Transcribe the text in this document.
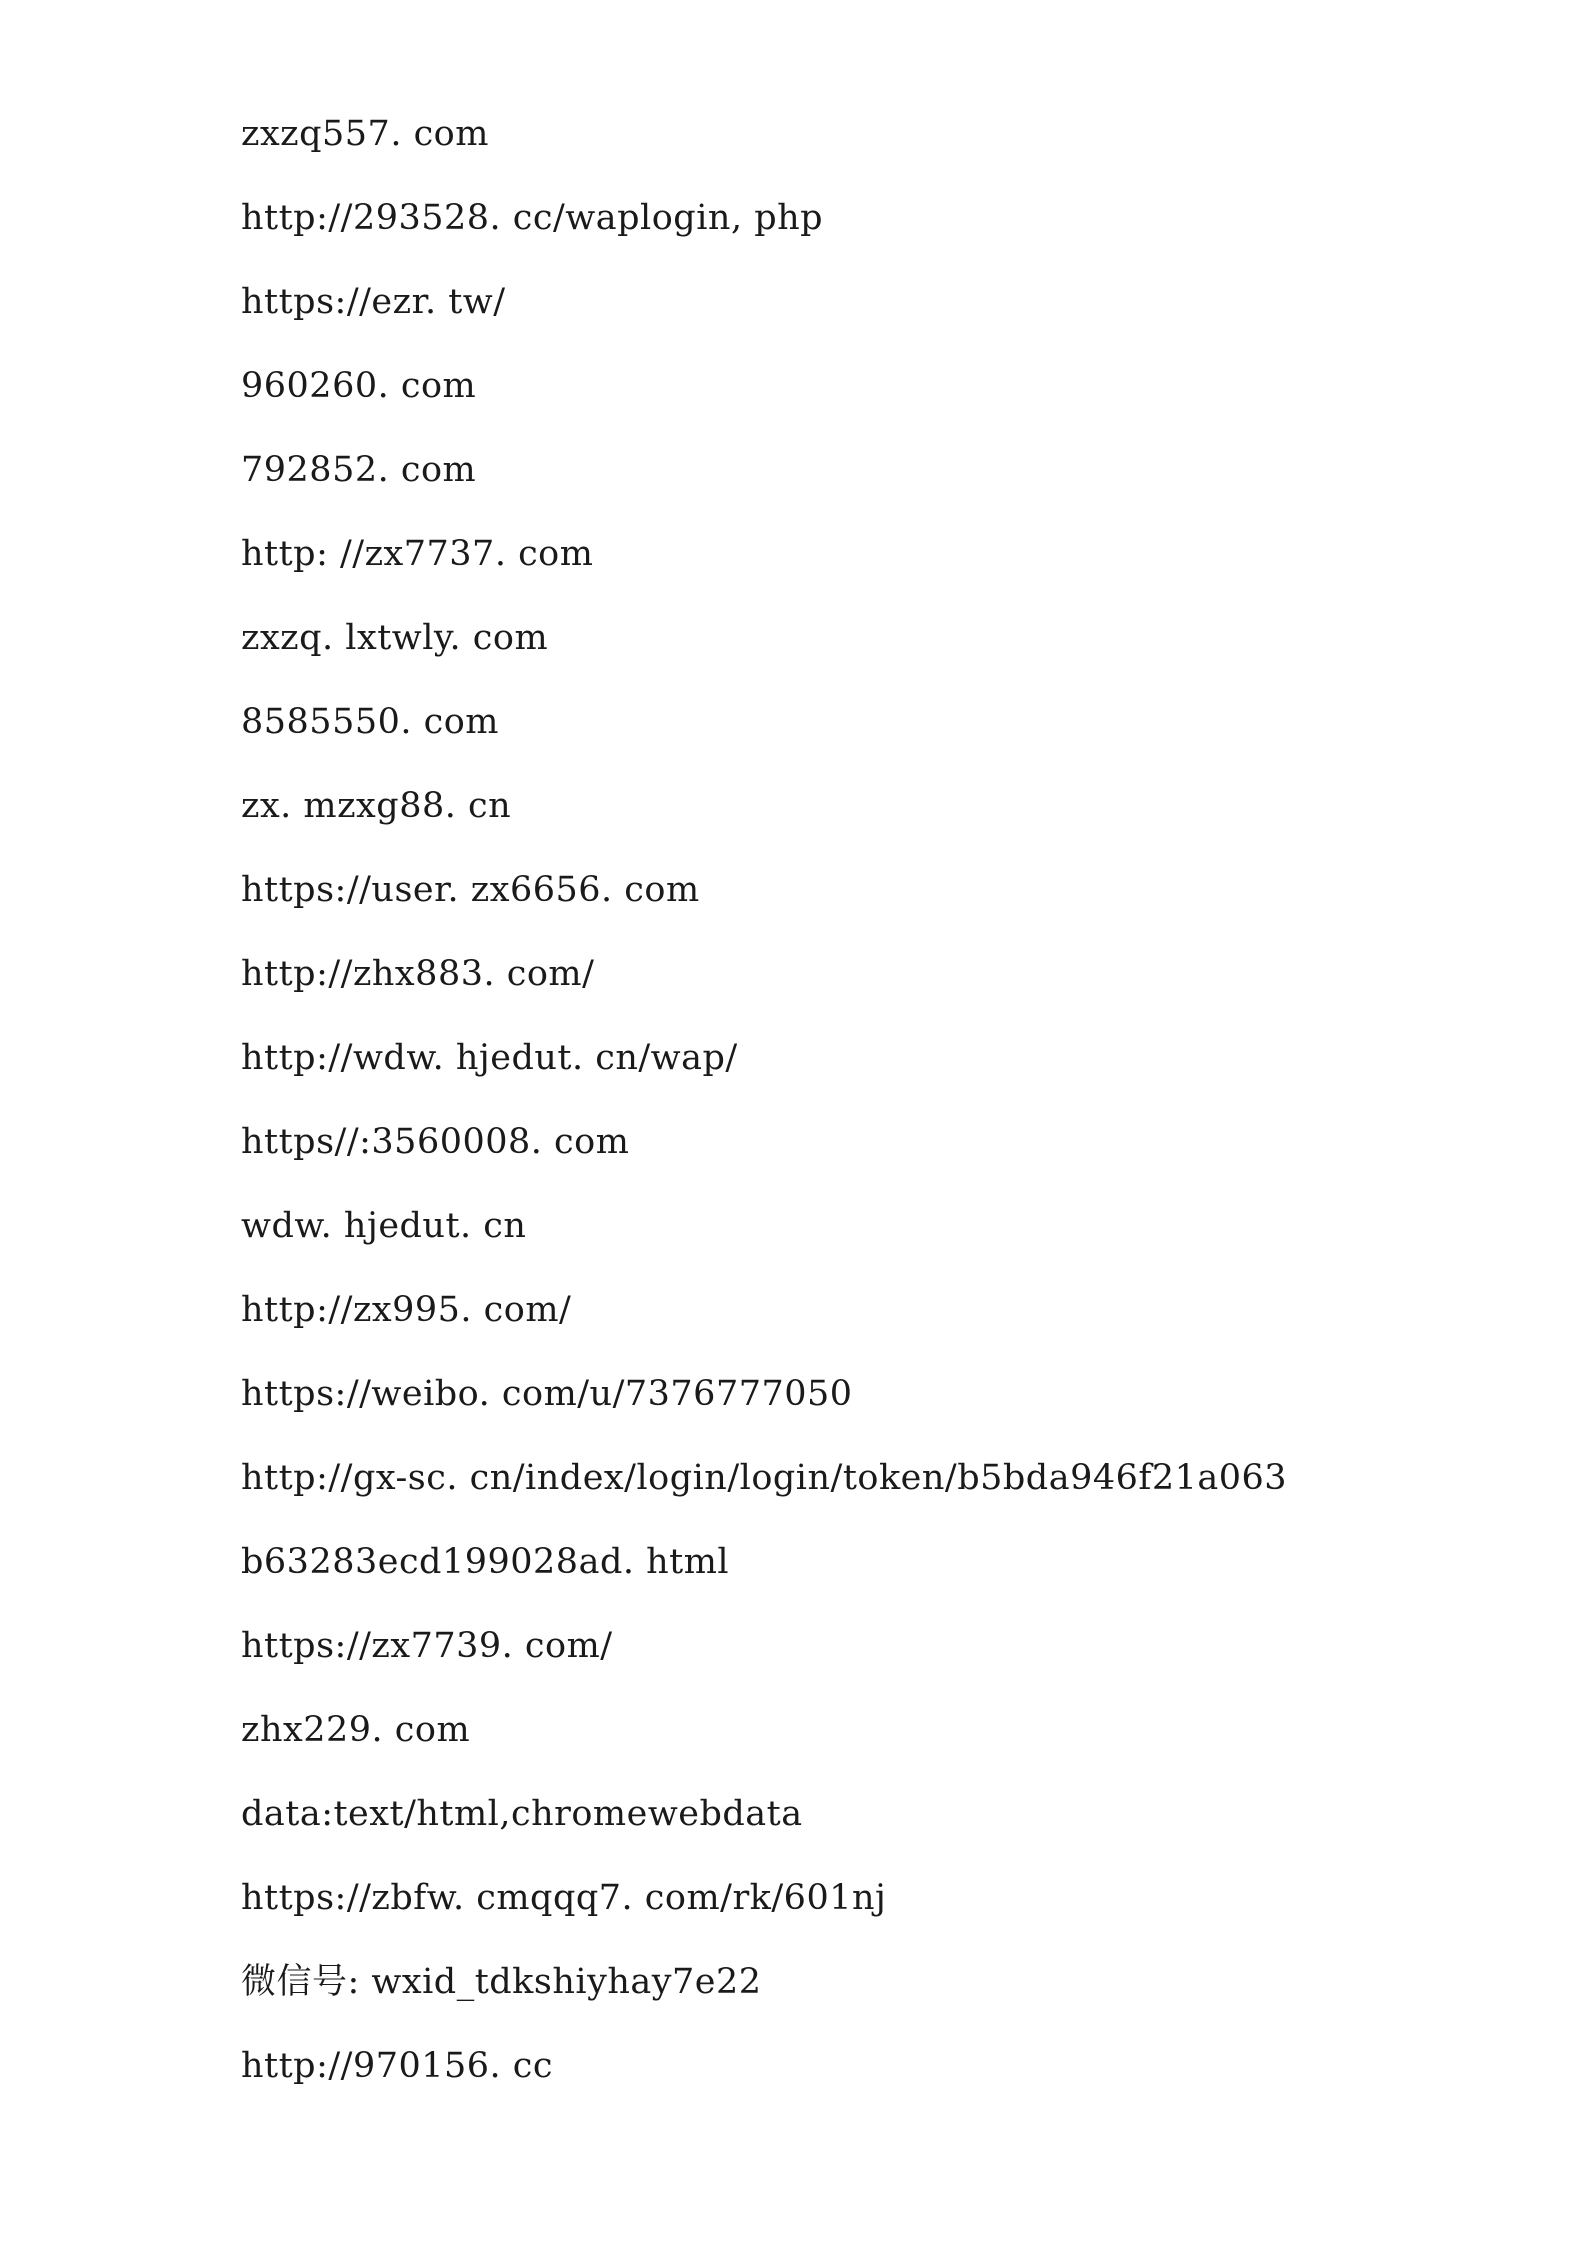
zxzq557. com
http://293528. cc/waplogin, php
https://ezr. tw/
960260. com
792852. com
http: //zx7737. com
zxzq. lxtwly. com
8585550. com
zx. mzxg88. cn
https://user. zx6656. com
http://zhx883. com/
http://wdw. hjedut. cn/wap/
https//:3560008. com
wdw. hjedut. cn
http://zx995. com/
https://weibo. com/u/7376777050
http://gx-sc. cn/index/login/login/token/b5bda946f21a063
b63283ecd199028ad. html
https://zx7739. com/
zhx229. com
data:text/html,chromewebdata
https://zbfw. cmqqq7. com/rk/601nj
微信号: wxid_tdkshiyhay7e22
http://970156. cc
